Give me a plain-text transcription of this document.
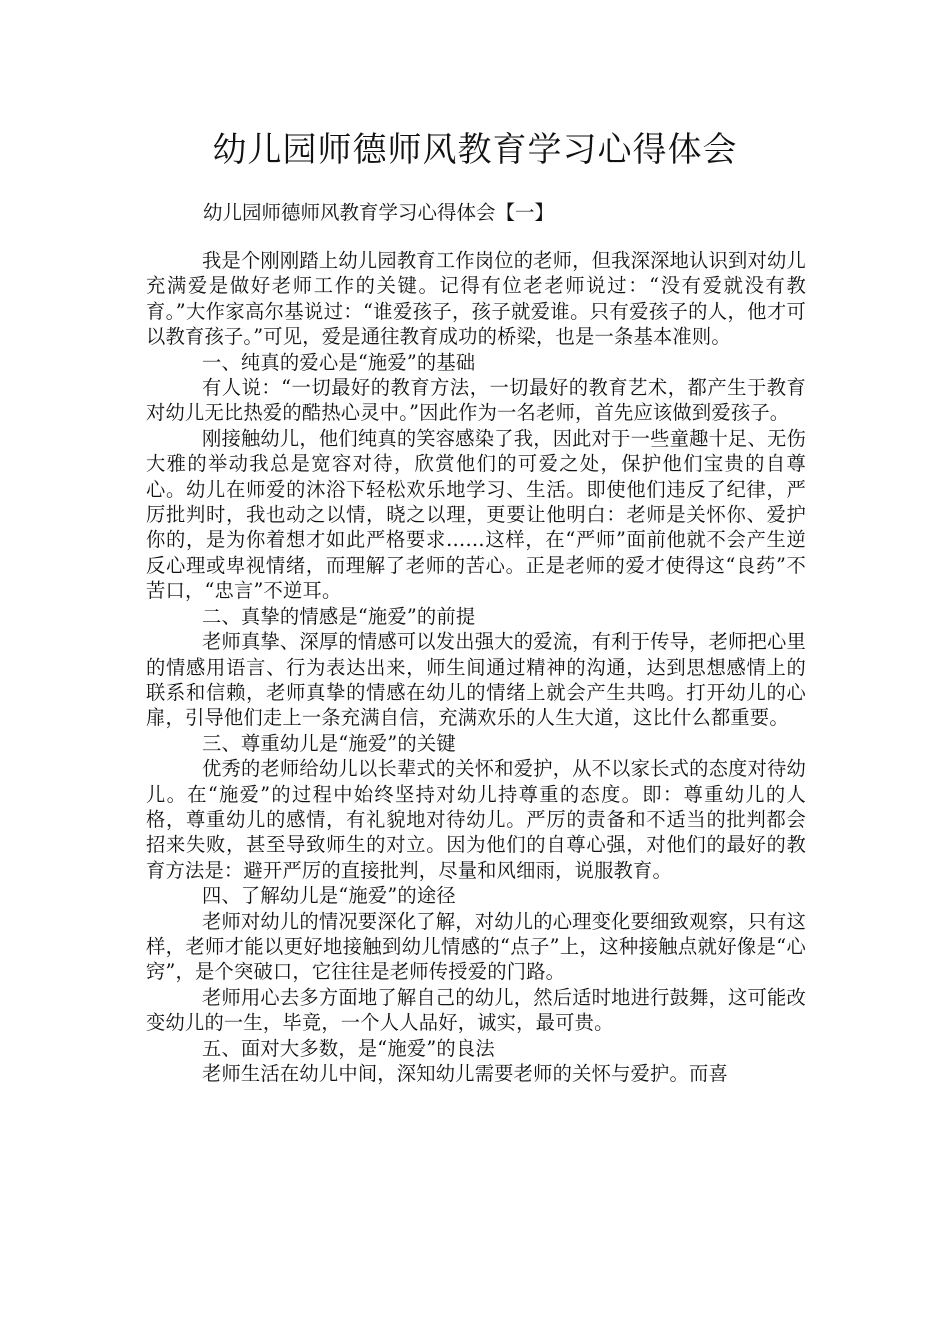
幼儿园师德师风教育学习心得体会

幼儿园师德师风教育学习心得体会【一】

我是个刚刚踏上幼儿园教育工作岗位的老师，但我深深地认识到对幼儿充满爱是做好老师工作的关键。记得有位老老师说过：“没有爱就没有教育。”大作家高尔基说过：“谁爱孩子，孩子就爱谁。只有爱孩子的人，他才可以教育孩子。”可见，爱是通往教育成功的桥梁，也是一条基本准则。

一、纯真的爱心是“施爱”的基础

有人说：“一切最好的教育方法，一切最好的教育艺术，都产生于教育对幼儿无比热爱的酷热心灵中。”因此作为一名老师，首先应该做到爱孩子。

刚接触幼儿，他们纯真的笑容感染了我，因此对于一些童趣十足、无伤大雅的举动我总是宽容对待，欣赏他们的可爱之处，保护他们宝贵的自尊心。幼儿在师爱的沐浴下轻松欢乐地学习、生活。即使他们违反了纪律，严厉批判时，我也动之以情，晓之以理，更要让他明白：老师是关怀你、爱护你的，是为你着想才如此严格要求……这样，在“严师”面前他就不会产生逆反心理或卑视情绪，而理解了老师的苦心。正是老师的爱才使得这“良药”不苦口，“忠言”不逆耳。

二、真挚的情感是“施爱”的前提

老师真挚、深厚的情感可以发出强大的爱流，有利于传导，老师把心里的情感用语言、行为表达出来，师生间通过精神的沟通，达到思想感情上的联系和信赖，老师真挚的情感在幼儿的情绪上就会产生共鸣。打开幼儿的心扉，引导他们走上一条充满自信，充满欢乐的人生大道，这比什么都重要。

三、尊重幼儿是“施爱”的关键

优秀的老师给幼儿以长辈式的关怀和爱护，从不以家长式的态度对待幼儿。在“施爱”的过程中始终坚持对幼儿持尊重的态度。即：尊重幼儿的人格，尊重幼儿的感情，有礼貌地对待幼儿。严厉的责备和不适当的批判都会招来失败，甚至导致师生的对立。因为他们的自尊心强，对他们的最好的教育方法是：避开严厉的直接批判，尽量和风细雨，说服教育。

四、了解幼儿是“施爱”的途径

老师对幼儿的情况要深化了解，对幼儿的心理变化要细致观察，只有这样，老师才能以更好地接触到幼儿情感的“点子”上，这种接触点就好像是“心窍”，是个突破口，它往往是老师传授爱的门路。

老师用心去多方面地了解自己的幼儿，然后适时地进行鼓舞，这可能改变幼儿的一生，毕竟，一个人人品好，诚实，最可贵。

五、面对大多数，是“施爱”的良法

老师生活在幼儿中间，深知幼儿需要老师的关怀与爱护。而喜
